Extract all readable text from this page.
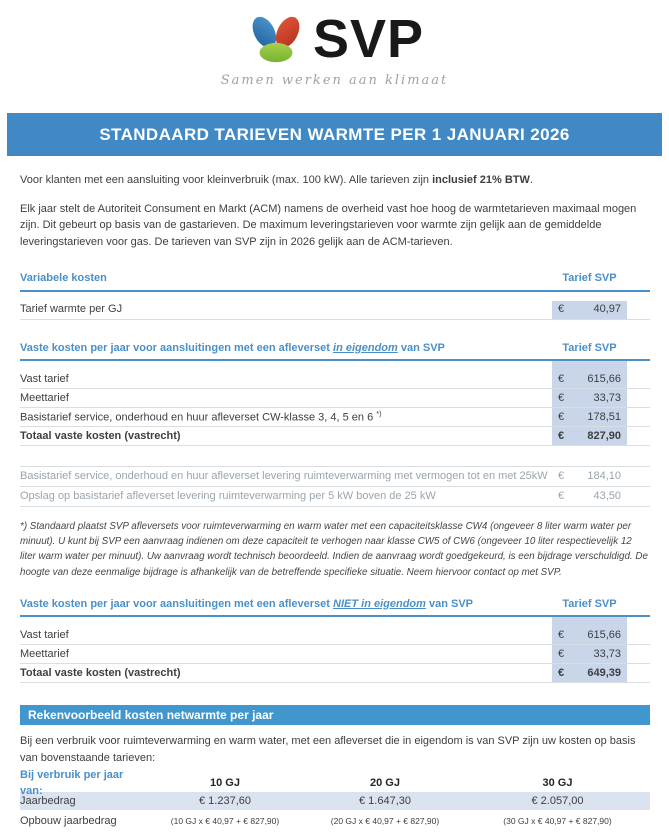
SVP
Samen werken aan klimaat
STANDAARD TARIEVEN WARMTE PER 1 JANUARI 2026

Voor klanten met een aansluiting voor kleinverbruik (max. 100 kW). Alle tarieven zijn inclusief 21% BTW.

Elk jaar stelt de Autoriteit Consument en Markt (ACM) namens de overheid vast hoe hoog de warmtetarieven maximaal mogen zijn. Dit gebeurt op basis van de gastarieven. De maximum leveringstarieven voor warmte zijn gelijk aan de gemiddelde leveringstarieven voor gas. De tarieven van SVP zijn in 2026 gelijk aan de ACM-tarieven.

Variabele kosten	Tarief SVP
Tarief warmte per GJ	€	40,97
Vaste kosten per jaar voor aansluitingen met een afleverset in eigendom van SVP	Tarief SVP
Vast tarief	€ 615,66
Meettarief	€	33,73
Basistarief service, onderhoud en huur afleverset CW-klasse 3, 4, 5 en 6 *)	€ 178,51
Totaal vaste kosten (vastrecht)	€ 827,90
Basistarief service, onderhoud en huur afleverset levering ruimteverwarming met vermogen tot en met 25kW € 184,10
Opslag op basistarief afleverset levering ruimteverwarming per 5 kW boven de 25 kW	€	43,50

*) Standaard plaatst SVP afleversets voor ruimteverwarming en warm water met een capaciteitsklasse CW4 (ongeveer 8 liter warm water per minuut). U kunt bij SVP een aanvraag indienen om deze capaciteit te verhogen naar klasse CW5 of CW6 (ongeveer 10 liter respectievelijk 12 liter warm water per minuut). Uw aanvraag wordt technisch beoordeeld. Indien de aanvraag wordt goedgekeurd, is een bijdrage verschuldigd. De hoogte van deze eenmalige bijdrage is afhankelijk van de betreffende specifieke situatie. Neem hiervoor contact op met SVP.

Vaste kosten per jaar voor aansluitingen met een afleverset NIET in eigendom van SVP	Tarief SVP
Vast tarief	€ 615,66
Meettarief	€	33,73
Totaal vaste kosten (vastrecht)	€ 649,39
Rekenvoorbeeld kosten netwarmte per jaar

Bij een verbruik voor ruimteverwarming en warm water, met een afleverset die in eigendom is van SVP zijn uw kosten op basis van bovenstaande tarieven:

Bij verbruik per jaar van:
10 GJ	20 GJ	30 GJ
Jaarbedrag	€ 1.237,60	€ 1.647,30	€ 2.057,00
Opbouw jaarbedrag	(10 GJ x € 40,97 + € 827,90)	(20 GJ x € 40,97 + € 827,90)	(30 GJ x € 40,97 + € 827,90)
